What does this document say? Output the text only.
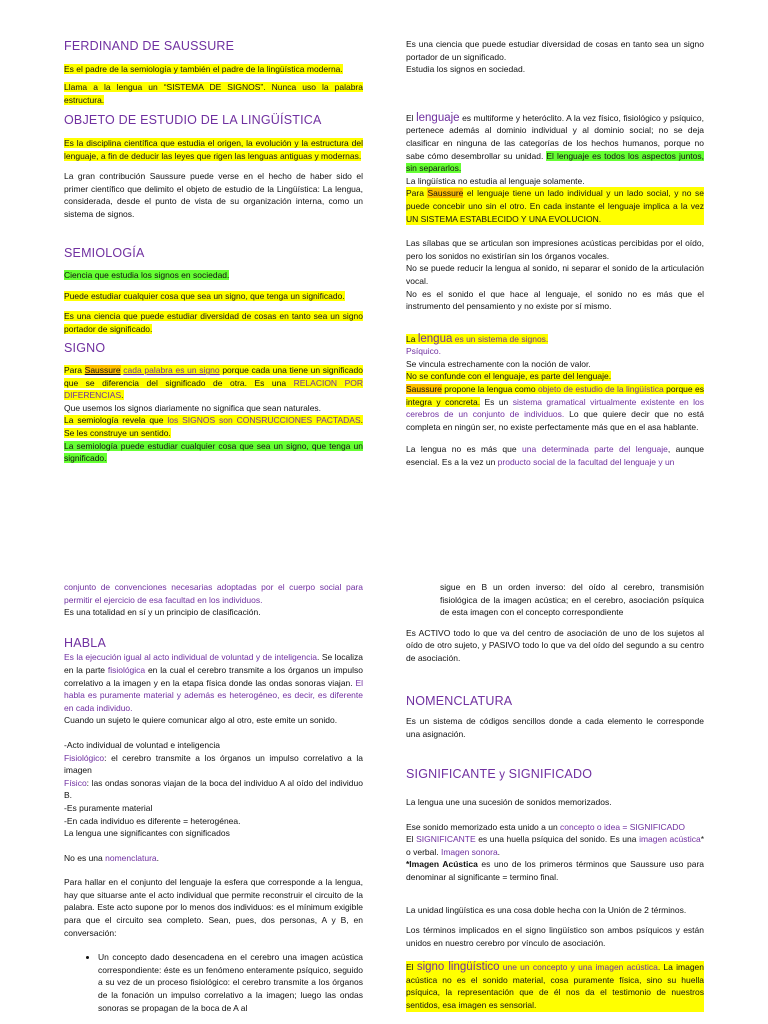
FERDINAND DE SAUSSURE

Es el padre de la semiología y también el padre de la lingüística moderna.

Llama a la lengua un “SISTEMA DE SIGNOS”. Nunca uso la palabra estructura.

OBJETO DE ESTUDIO DE LA LINGÜÍSTICA

Es la disciplina científica que estudia el origen, la evolución y la estructura del lenguaje, a fin de deducir las leyes que rigen las lenguas antiguas y modernas.

La gran contribución Saussure puede verse en el hecho de haber sido el primer científico que delimito el objeto de estudio de la Lingüística: La lengua, considerada, desde el punto de vista de su organización interna, como un sistema de signos.

SEMIOLOGÍA

Ciencia que estudia los signos en sociedad.

Puede estudiar cualquier cosa que sea un signo, que tenga un significado.

Es una ciencia que puede estudiar diversidad de cosas en tanto sea un signo portador de significado.

SIGNO
Para Saussure cada palabra es un signo porque cada una tiene un significado que se diferencia del significado de otra. Es una RELACION POR DIFERENCIAS.
Que usemos los signos diariamente no significa que sean naturales.
La semiología revela que los SIGNOS son CONSRUCCIONES PACTADAS. Se les construye un sentido.
La semiología puede estudiar cualquier cosa que sea un signo, que tenga un significado.
Es una ciencia que puede estudiar diversidad de cosas en tanto sea un signo portador de un significado.
Estudia los signos en sociedad.
El lenguaje es multiforme y heteróclito. A la vez físico, fisiológico y psíquico, pertenece además al dominio individual y al dominio social; no se deja clasificar en ninguna de las categorías de los hechos humanos, porque no sabe cómo desembrollar su unidad. El lenguaje es todos los aspectos juntos, sin separarlos.
La lingüística no estudia al lenguaje solamente.
Para Saussure el lenguaje tiene un lado individual y un lado social, y no se puede concebir uno sin el otro. En cada instante el lenguaje implica a la vez UN SISTEMA ESTABLECIDO Y UNA EVOLUCION.
Las sílabas que se articulan son impresiones acústicas percibidas por el oído, pero los sonidos no existirían sin los órganos vocales.
No se puede reducir la lengua al sonido, ni separar el sonido de la articulación vocal.
No es el sonido el que hace al lenguaje, el sonido no es más que el instrumento del pensamiento y no existe por sí mismo.
La lengua es un sistema de signos.
Psíquico.
Se vincula estrechamente con la noción de valor.
No se confunde con el lenguaje, es parte del lenguaje.
Saussure propone la lengua como objeto de estudio de la lingüística porque es integra y concreta. Es un sistema gramatical virtualmente existente en los cerebros de un conjunto de individuos. Lo que quiere decir que no está completa en ningún ser, no existe perfectamente más que en el asa hablante.
La lengua no es más que una determinada parte del lenguaje, aunque esencial. Es a la vez un producto social de la facultad del lenguaje y un
conjunto de convenciones necesarias adoptadas por el cuerpo social para permitir el ejercicio de esa facultad en los individuos.
Es una totalidad en sí y un principio de clasificación.
HABLA
Es la ejecución igual al acto individual de voluntad y de inteligencia. Se localiza en la parte fisiológica en la cual el cerebro transmite a los órganos un impulso correlativo a la imagen y en la etapa física donde las ondas sonoras viajan. El habla es puramente material y además es heterogéneo, es decir, es diferente en cada individuo.
Cuando un sujeto le quiere comunicar algo al otro, este emite un sonido.
-Acto individual de voluntad e inteligencia
Fisiológico: el cerebro transmite a los órganos un impulso correlativo a la imagen
Físico: las ondas sonoras viajan de la boca del individuo A al oído del individuo B.
-Es puramente material
-En cada individuo es diferente = heterogénea.
La lengua une significantes con significados
No es una nomenclatura.
Para hallar en el conjunto del lenguaje la esfera que corresponde a la lengua, hay que situarse ante el acto individual que permite reconstruir el circuito de la palabra. Este acto supone por lo menos dos individuos: es el mínimum exigible para que el circuito sea completo. Sean, pues, dos personas, A y B, en conversación:
• Un concepto dado desencadena en el cerebro una imagen acústica correspondiente: éste es un fenómeno enteramente psíquico, seguido a su vez de un proceso fisiológico: el cerebro transmite a los órganos de la fonación un impulso correlativo a la imagen; luego las ondas sonoras se propagan de la boca de A al
sigue en B un orden inverso: del oído al cerebro, transmisión fisiológica de la imagen acústica; en el cerebro, asociación psíquica de esta imagen con el concepto correspondiente
Es ACTIVO todo lo que va del centro de asociación de uno de los sujetos al oído de otro sujeto, y PASIVO todo lo que va del oído del segundo a su centro de asociación.
NOMENCLATURA
Es un sistema de códigos sencillos donde a cada elemento le corresponde una asignación.
SIGNIFICANTE y SIGNIFICADO
La lengua une una sucesión de sonidos memorizados.
Ese sonido memorizado esta unido a un concepto o idea = SIGNIFICADO
El SIGNIFICANTE es una huella psíquica del sonido. Es una imagen acústica* o verbal. Imagen sonora.
*Imagen Acústica es uno de los primeros términos que Saussure uso para denominar al significante = termino final.
La unidad lingüística es una cosa doble hecha con la Unión de 2 términos.
Los términos implicados en el signo lingüístico son ambos psíquicos y están unidos en nuestro cerebro por vínculo de asociación.
El signo lingüístico une un concepto y una imagen acústica. La imagen acústica no es el sonido material, cosa puramente física, sino su huella psíquica, la representación que de él nos da el testimonio de nuestros sentidos, esa imagen es sensorial.
